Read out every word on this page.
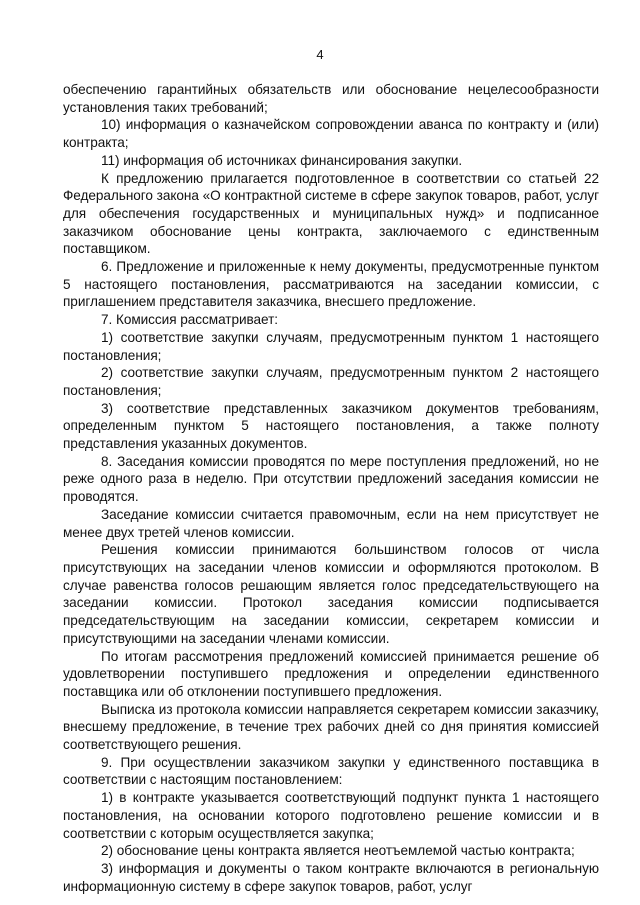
4

обеспечению гарантийных обязательств или обоснование нецелесообразности установления таких требований;

10) информация о казначейском сопровождении аванса по контракту и (или) контракта;

11) информация об источниках финансирования закупки.

К предложению прилагается подготовленное в соответствии со статьей 22 Федерального закона «О контрактной системе в сфере закупок товаров, работ, услуг для обеспечения государственных и муниципальных нужд» и подписанное заказчиком обоснование цены контракта, заключаемого с единственным поставщиком.

6. Предложение и приложенные к нему документы, предусмотренные пунктом 5 настоящего постановления, рассматриваются на заседании комиссии, с приглашением представителя заказчика, внесшего предложение.

7. Комиссия рассматривает:

1) соответствие закупки случаям, предусмотренным пунктом 1 настоящего постановления;

2) соответствие закупки случаям, предусмотренным пунктом 2 настоящего постановления;

3) соответствие представленных заказчиком документов требованиям, определенным пунктом 5 настоящего постановления, а также полноту представления указанных документов.

8. Заседания комиссии проводятся по мере поступления предложений, но не реже одного раза в неделю. При отсутствии предложений заседания комиссии не проводятся.

Заседание комиссии считается правомочным, если на нем присутствует не менее двух третей членов комиссии.

Решения комиссии принимаются большинством голосов от числа присутствующих на заседании членов комиссии и оформляются протоколом. В случае равенства голосов решающим является голос председательствующего на заседании комиссии. Протокол заседания комиссии подписывается председательствующим на заседании комиссии, секретарем комиссии и присутствующими на заседании членами комиссии.

По итогам рассмотрения предложений комиссией принимается решение об удовлетворении поступившего предложения и определении единственного поставщика или об отклонении поступившего предложения.

Выписка из протокола комиссии направляется секретарем комиссии заказчику, внесшему предложение, в течение трех рабочих дней со дня принятия комиссией соответствующего решения.

9. При осуществлении заказчиком закупки у единственного поставщика в соответствии с настоящим постановлением:

1) в контракте указывается соответствующий подпункт пункта 1 настоящего постановления, на основании которого подготовлено решение комиссии и в соответствии с которым осуществляется закупка;

2) обоснование цены контракта является неотъемлемой частью контракта;

3) информация и документы о таком контракте включаются в региональную информационную систему в сфере закупок товаров, работ, услуг
